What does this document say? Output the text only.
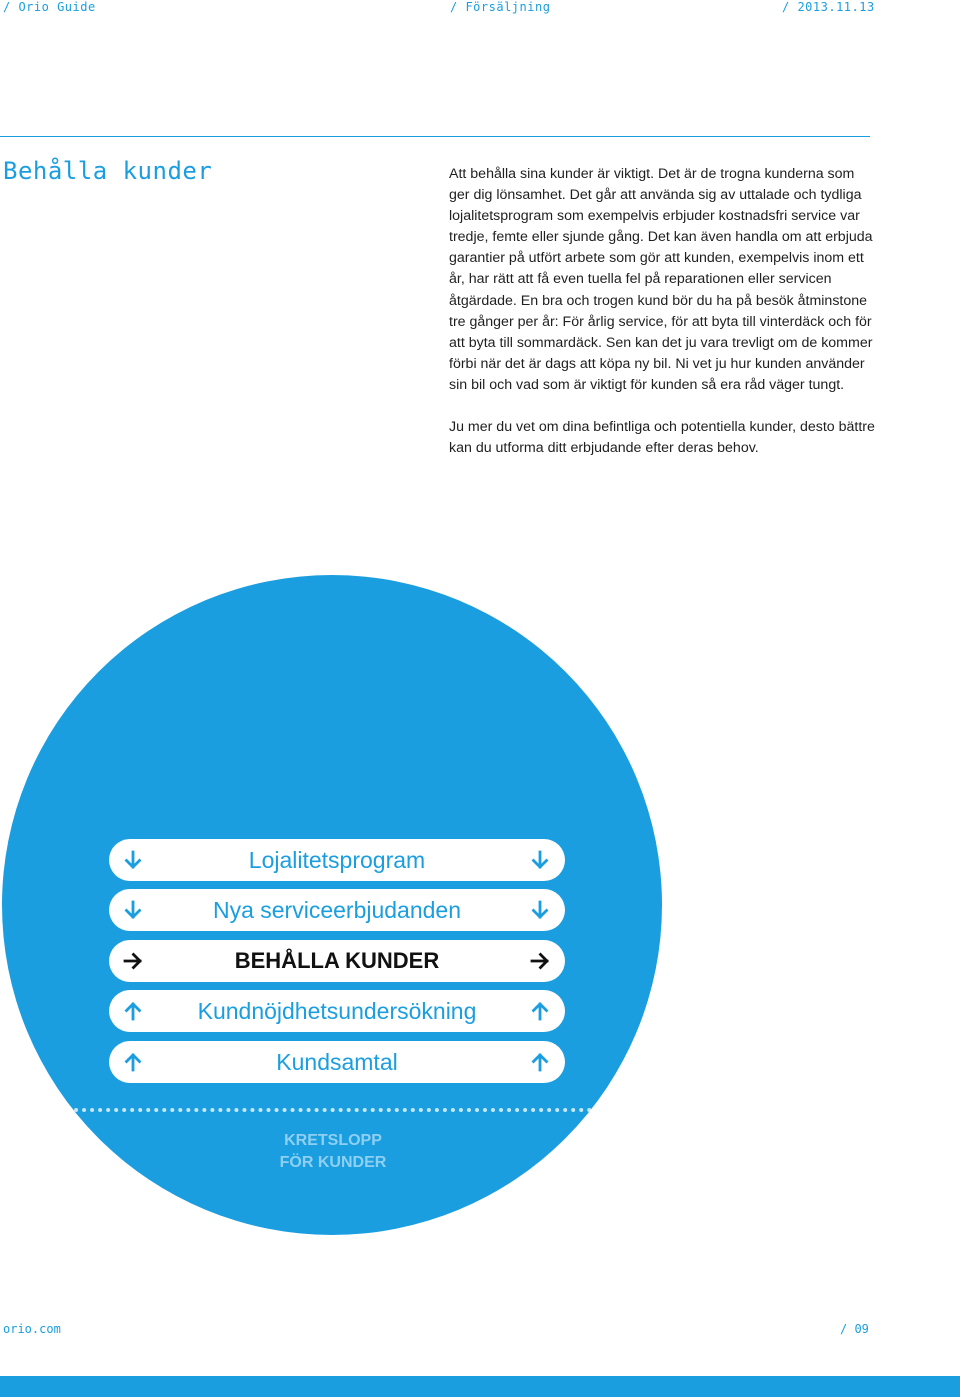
/ Orio Guide	/ Försäljning	/ 2013.11.13
Behålla kunder	Att behålla sina kunder är viktigt. Det är de trogna kunderna som ger dig lönsamhet. Det går att använda sig av uttalade och tydliga lojalitetsprogram som exempelvis erbjuder kostnadsfri service var tredje, femte eller sjunde gång. Det kan även handla om att erbjuda garantier på utfört arbete som gör att kunden, exempelvis inom ett år, har rätt att få even tuella fel på reparationen eller servicen åtgärdade. En bra och trogen kund bör du ha på besök åtminstone tre gånger per år: För årlig service, för att byta till vinterdäck och för att byta till sommardäck. Sen kan det ju vara trevligt om de kommer förbi när det är dags att köpa ny bil. Ni vet ju hur kunden använder sin bil och vad som är viktigt för kunden så era råd väger tungt.

Ju mer du vet om dina befintliga och potentiella kunder, desto bättre kan du utforma ditt erbjudande efter deras behov.

Lojalitetsprogram
Nya serviceerbjudanden
BEHÅLLA KUNDER
Kundnöjdhetsundersökning
Kundsamtal
KRETSLOPP
FÖR KUNDER
orio.com	/ 09
